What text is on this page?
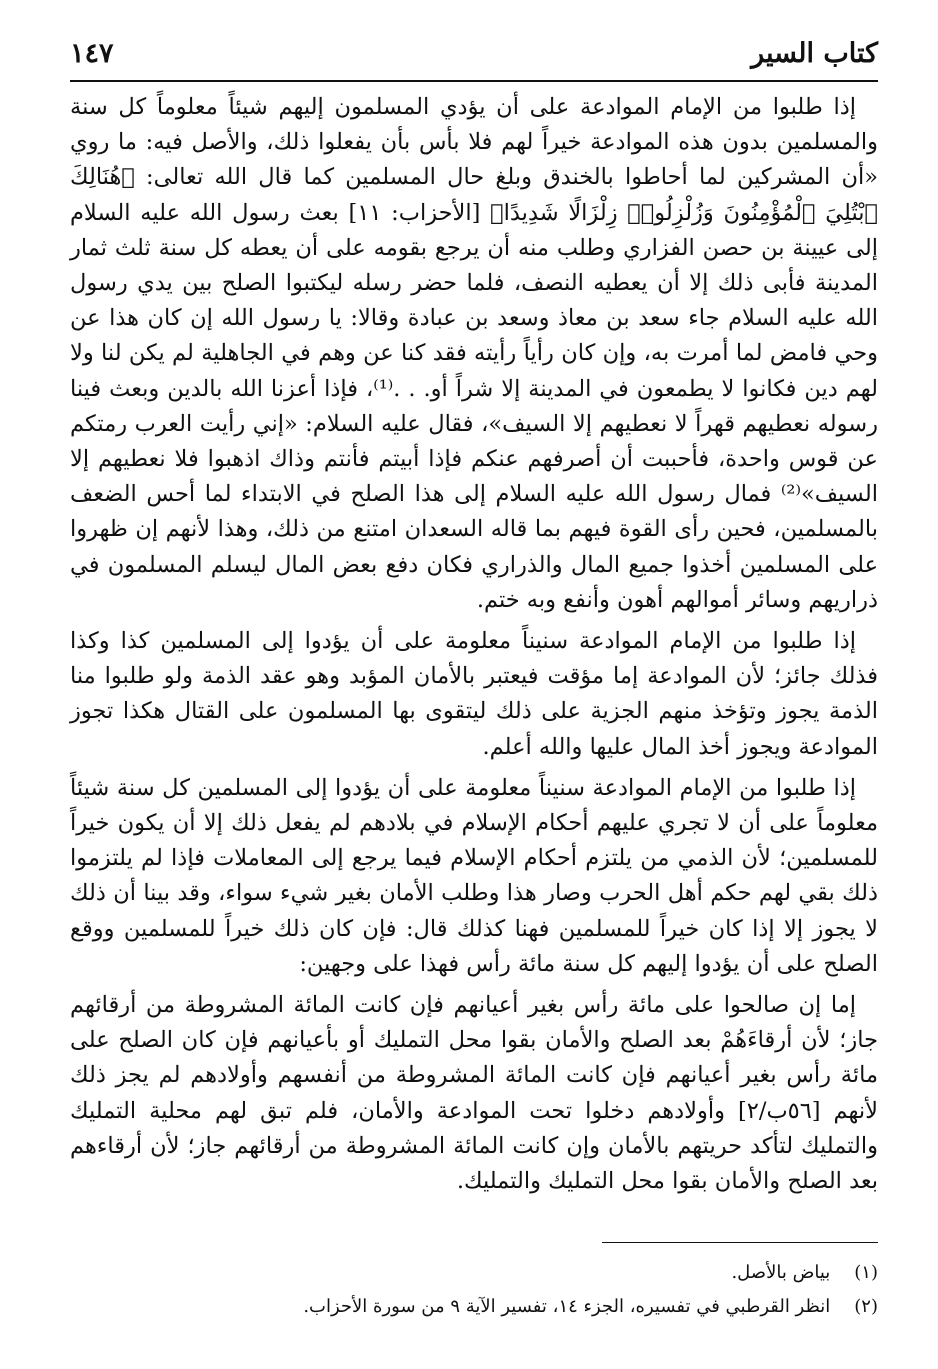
كتاب السير
١٤٧

إذا طلبوا من الإمام الموادعة على أن يؤدي المسلمون إليهم شيئاً معلوماً كل سنة والمسلمين بدون هذه الموادعة خيراً لهم فلا بأس بأن يفعلوا ذلك، والأصل فيه: ما روي «أن المشركين لما أحاطوا بالخندق وبلغ حال المسلمين كما قال الله تعالى: ﴿هُنَالِكَ ٱبْتُلِيَ ٱلْمُؤْمِنُونَ وَزُلْزِلُوا۟ زِلْزَالًا شَدِيدًا﴾ [الأحزاب: ١١] بعث رسول الله عليه السلام إلى عيينة بن حصن الفزاري وطلب منه أن يرجع بقومه على أن يعطه كل سنة ثلث ثمار المدينة فأبى ذلك إلا أن يعطيه النصف، فلما حضر رسله ليكتبوا الصلح بين يدي رسول الله عليه السلام جاء سعد بن معاذ وسعد بن عبادة وقالا: يا رسول الله إن كان هذا عن وحي فامض لما أمرت به، وإن كان رأياً رأيته فقد كنا عن وهم في الجاهلية لم يكن لنا ولا لهم دين فكانوا لا يطمعون في المدينة إلا شراً أو. . .⁽¹⁾، فإذا أعزنا الله بالدين وبعث فينا رسوله نعطيهم قهراً لا نعطيهم إلا السيف»، فقال عليه السلام: «إني رأيت العرب رمتكم عن قوس واحدة، فأحببت أن أصرفهم عنكم فإذا أبيتم فأنتم وذاك اذهبوا فلا نعطيهم إلا السيف»⁽²⁾ فمال رسول الله عليه السلام إلى هذا الصلح في الابتداء لما أحس الضعف بالمسلمين، فحين رأى القوة فيهم بما قاله السعدان امتنع من ذلك، وهذا لأنهم إن ظهروا على المسلمين أخذوا جميع المال والذراري فكان دفع بعض المال ليسلم المسلمون في ذراريهم وسائر أموالهم أهون وأنفع وبه ختم.

إذا طلبوا من الإمام الموادعة سنيناً معلومة على أن يؤدوا إلى المسلمين كذا وكذا فذلك جائز؛ لأن الموادعة إما مؤقت فيعتبر بالأمان المؤبد وهو عقد الذمة ولو طلبوا منا الذمة يجوز وتؤخذ منهم الجزية على ذلك ليتقوى بها المسلمون على القتال هكذا تجوز الموادعة ويجوز أخذ المال عليها والله أعلم.

إذا طلبوا من الإمام الموادعة سنيناً معلومة على أن يؤدوا إلى المسلمين كل سنة شيئاً معلوماً على أن لا تجري عليهم أحكام الإسلام في بلادهم لم يفعل ذلك إلا أن يكون خيراً للمسلمين؛ لأن الذمي من يلتزم أحكام الإسلام فيما يرجع إلى المعاملات فإذا لم يلتزموا ذلك بقي لهم حكم أهل الحرب وصار هذا وطلب الأمان بغير شيء سواء، وقد بينا أن ذلك لا يجوز إلا إذا كان خيراً للمسلمين فهنا كذلك قال: فإن كان ذلك خيراً للمسلمين ووقع الصلح على أن يؤدوا إليهم كل سنة مائة رأس فهذا على وجهين:

إما إن صالحوا على مائة رأس بغير أعيانهم فإن كانت المائة المشروطة من أرقائهم جاز؛ لأن أرقاءَهُمْ بعد الصلح والأمان بقوا محل التمليك أو بأعيانهم فإن كان الصلح على مائة رأس بغير أعيانهم فإن كانت المائة المشروطة من أنفسهم وأولادهم لم يجز ذلك لأنهم [٥٦ب/٢] وأولادهم دخلوا تحت الموادعة والأمان، فلم تبق لهم محلية التمليك والتمليك لتأكد حريتهم بالأمان وإن كانت المائة المشروطة من أرقائهم جاز؛ لأن أرقاءهم بعد الصلح والأمان بقوا محل التمليك والتمليك.

(١) بياض بالأصل.

(٢) انظر القرطبي في تفسيره، الجزء ١٤، تفسير الآية ٩ من سورة الأحزاب.
